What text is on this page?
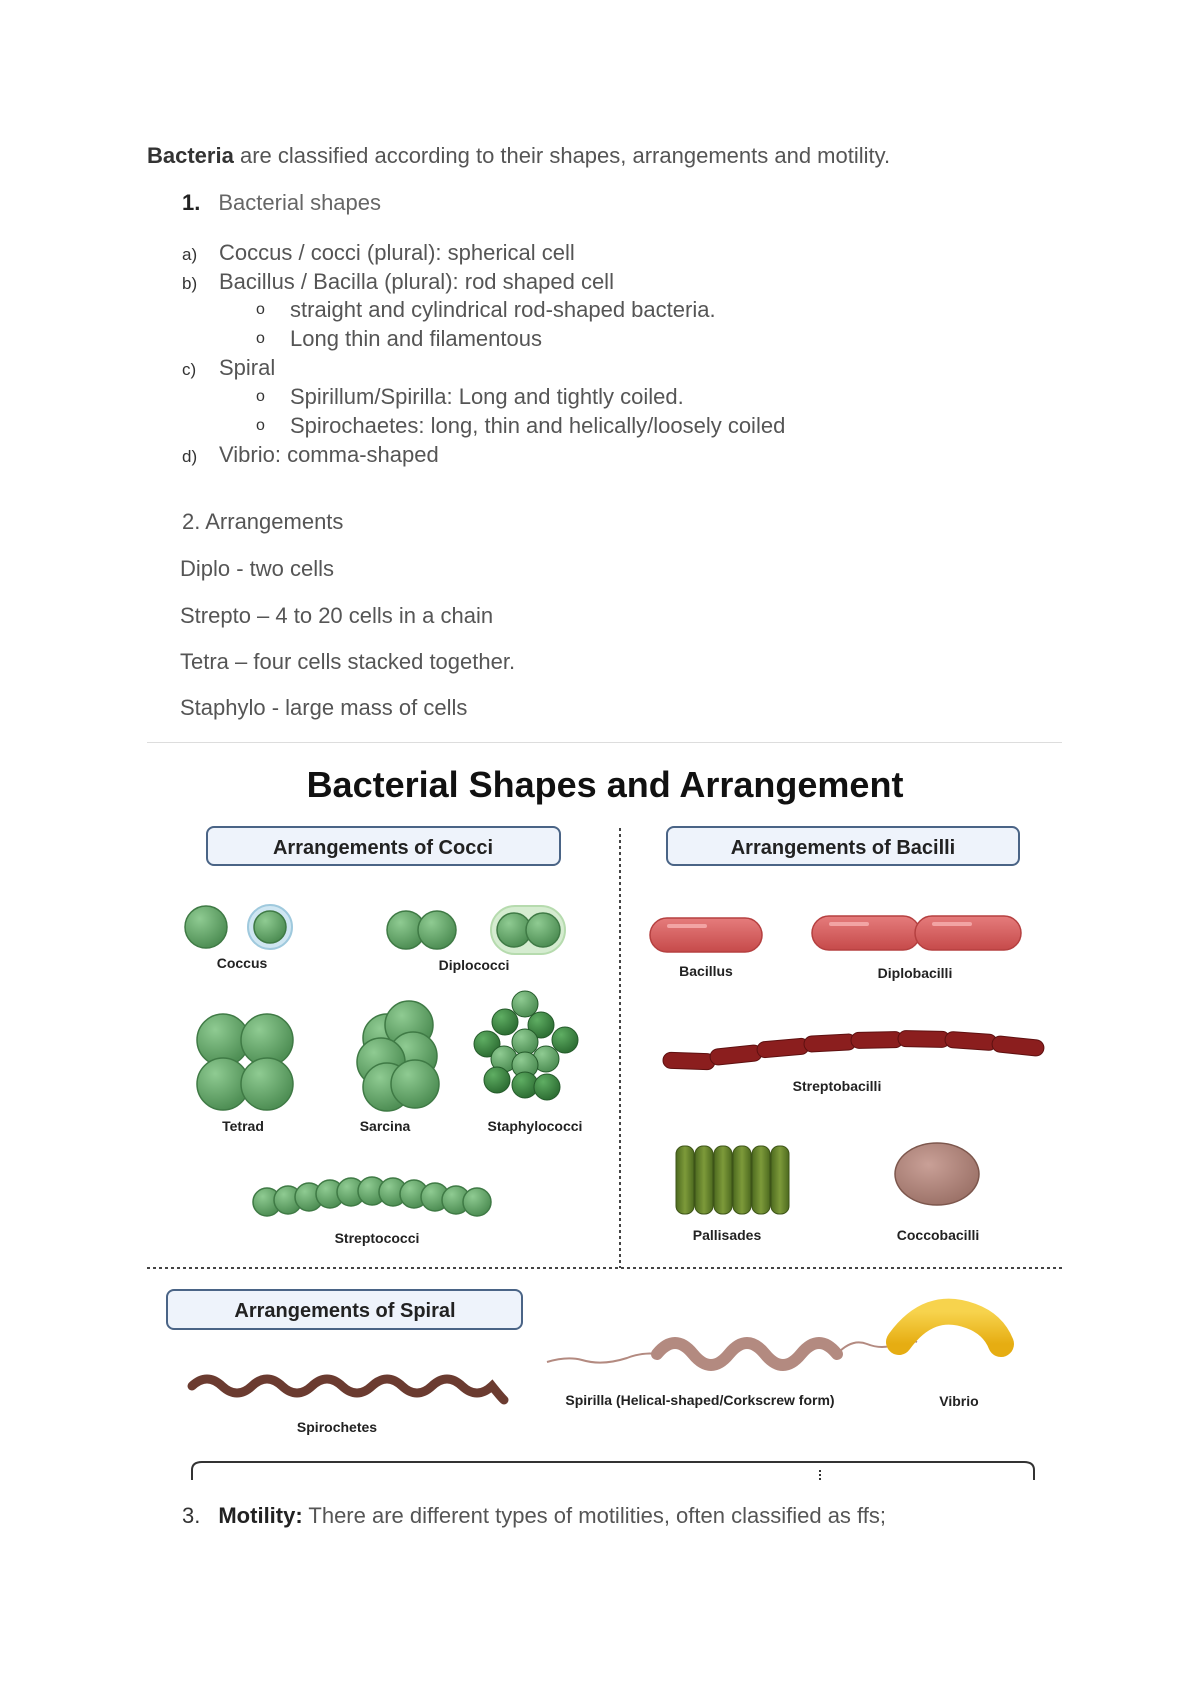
Bacteria are classified according to their shapes, arrangements and motility.
1. Bacterial shapes
a) Coccus / cocci (plural): spherical cell
b) Bacillus / Bacilla (plural): rod shaped cell
o straight and cylindrical rod-shaped bacteria.
o Long thin and filamentous
c) Spiral
o Spirillum/Spirilla: Long and tightly coiled.
o Spirochaetes: long, thin and helically/loosely coiled
d) Vibrio: comma-shaped
2. Arrangements
Diplo - two cells
Strepto – 4 to 20 cells in a chain
Tetra – four cells stacked together.
Staphylo - large mass of cells
Bacterial Shapes and Arrangement
Arrangements of Cocci	Arrangements of Bacilli
Coccus	Diplococci
Tetrad	Sarcina	Staphylococci
Streptococci
Bacillus	Diplobacilli
Streptobacilli
Pallisades	Coccobacilli
Arrangements of Spiral
Spirochetes
Spirilla (Helical-shaped/Corkscrew form)	Vibrio
3. Motility: There are different types of motilities, often classified as ffs;
